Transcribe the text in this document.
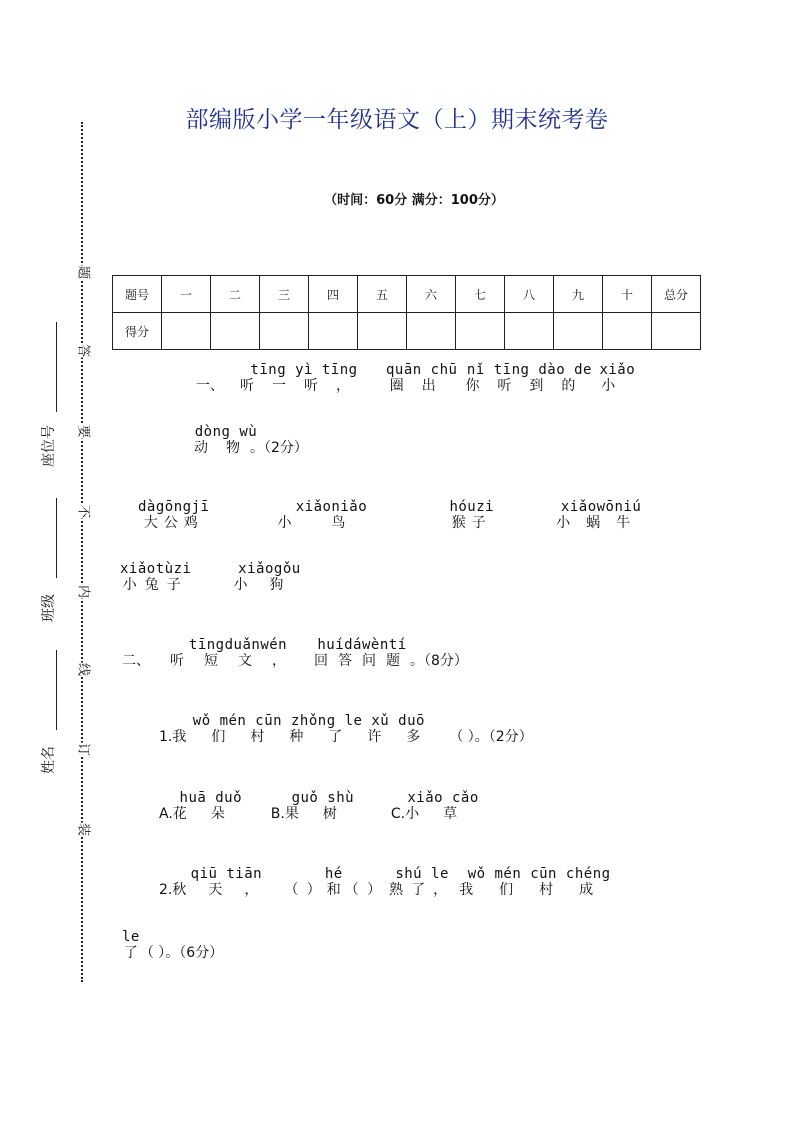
题
答
要
不
内
线
订
装
座位号
班级
姓名
部编版小学一年级语文（上）期末统考卷
（时间：60分 满分：100分）
题号	一	二	三	四	五	六	七	八	九	十	总分
得分											
一、
tīng yì tīng
听一听，
quān chū
圈出
nǐ tīng dào de
你听到的
xiǎo
小
dòng wù
动物
。（2分）
dàgōngjī
大公鸡
xiǎoniǎo
小鸟
hóuzi
猴子
xiǎowōniú
小蜗牛
xiǎotùzi
小兔子
xiǎogǒu
小狗
二、
tīngduǎnwén
听短文，
huídáwèntí
回答问题 。（8分）
1.
wǒ mén cūn zhǒng le xǔ duō
我们村种了许多 （ ）。（2分）
A.
huā duǒ
花朵 B.
guǒ shù
果树 C.
xiǎo cǎo
小草
2.
qiū tiān
秋天， （ ）
hé
和 （ ）
shú le
熟了，
wǒ mén cūn chéng
我们村成
le
了 （ ）。（6分）
